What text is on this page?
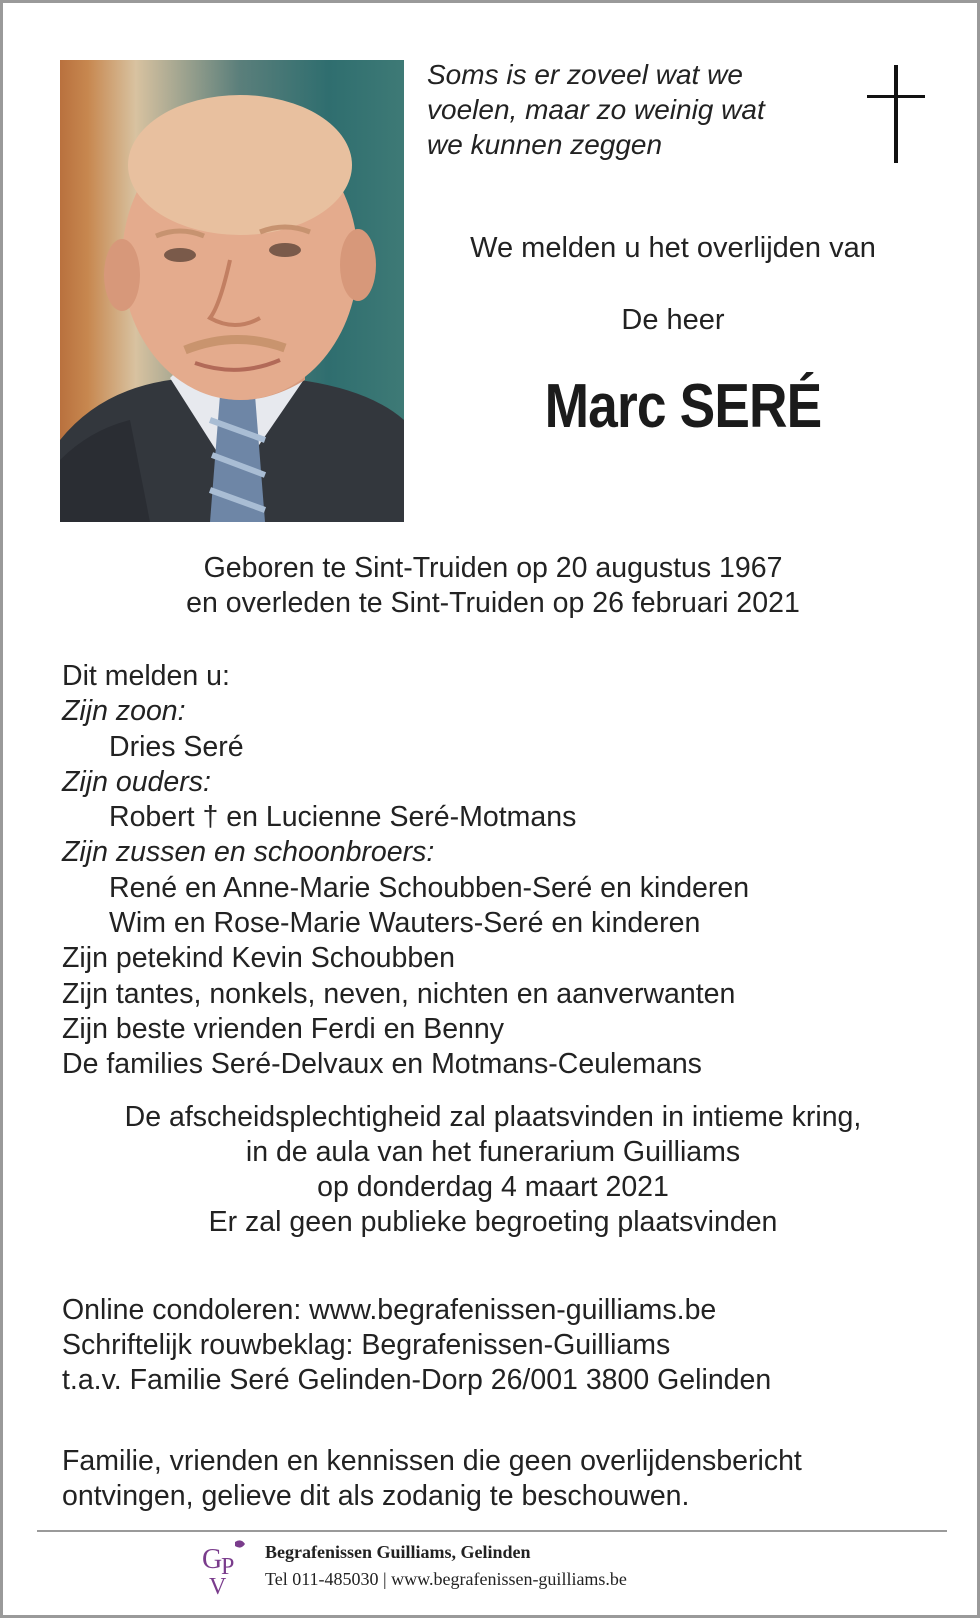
Soms is er zoveel wat we
voelen, maar zo weinig wat
we kunnen zeggen
We melden u het overlijden van
De heer
Marc SERÉ
Geboren te Sint-Truiden op 20 augustus 1967
en overleden te Sint-Truiden op 26 februari 2021
Dit melden u:
Zijn zoon:
Dries Seré
Zijn ouders:
Robert † en Lucienne Seré-Motmans
Zijn zussen en schoonbroers:
René en Anne-Marie Schoubben-Seré en kinderen
Wim en Rose-Marie Wauters-Seré en kinderen
Zijn petekind Kevin Schoubben
Zijn tantes, nonkels, neven, nichten en aanverwanten
Zijn beste vrienden Ferdi en Benny
De families Seré-Delvaux en Motmans-Ceulemans
De afscheidsplechtigheid zal plaatsvinden in intieme kring,
in de aula van het funerarium Guilliams
op donderdag 4 maart 2021
Er zal geen publieke begroeting plaatsvinden
Online condoleren: www.begrafenissen-guilliams.be
Schriftelijk rouwbeklag: Begrafenissen-Guilliams
t.a.v. Familie Seré Gelinden-Dorp 26/001 3800 Gelinden
Familie, vrienden en kennissen die geen overlijdensbericht
ontvingen, gelieve dit als zodanig te beschouwen.
G
P
V
Begrafenissen Guilliams, Gelinden
Tel 011-485030 | www.begrafenissen-guilliams.be
